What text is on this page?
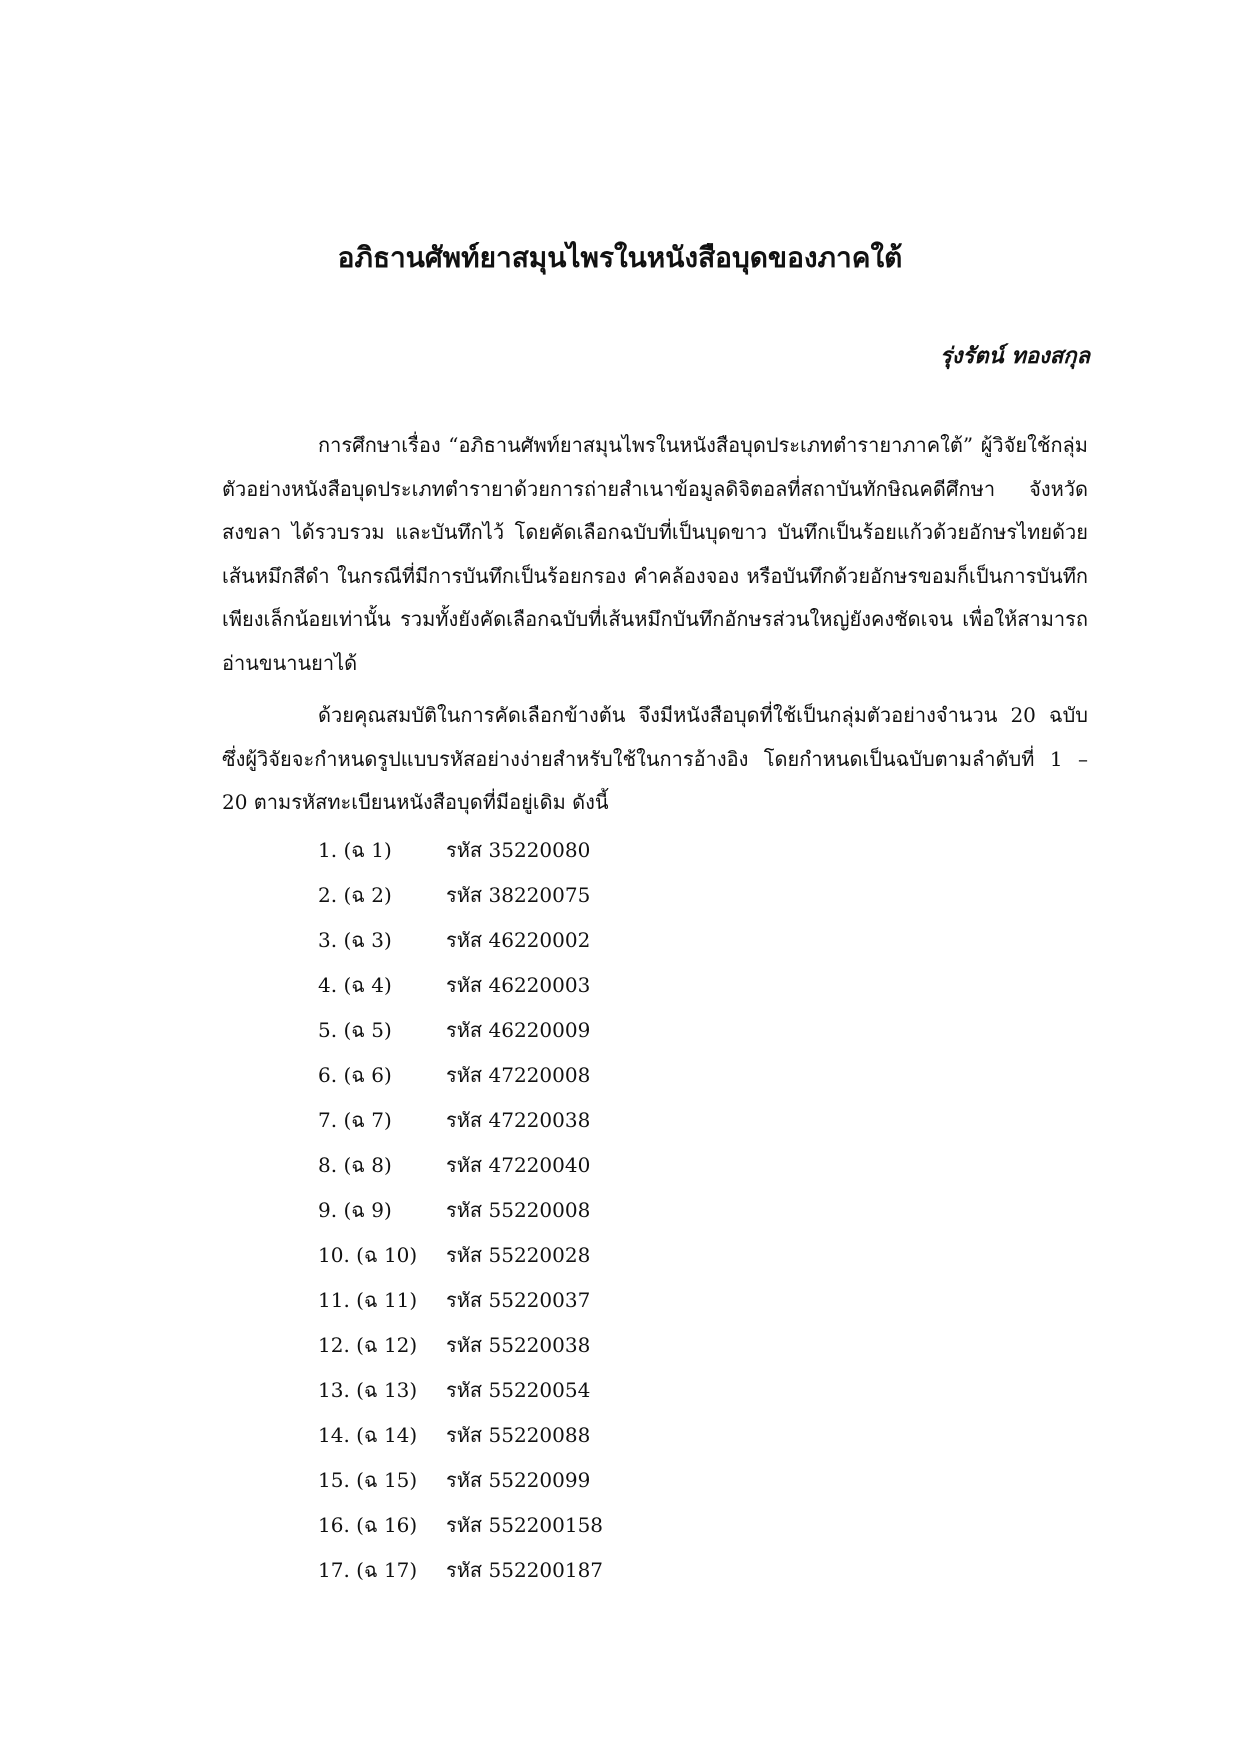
อภิธานศัพท์ยาสมุนไพรในหนังสือบุดของภาคใต้
รุ่งรัตน์ ทองสกุล

การศึกษาเรื่อง “อภิธานศัพท์ยาสมุนไพรในหนังสือบุดประเภทตำรายาภาคใต้” ผู้วิจัยใช้กลุ่มตัวอย่างหนังสือบุดประเภทตำรายาด้วยการถ่ายสำเนาข้อมูลดิจิตอลที่สถาบันทักษิณคดีศึกษา จังหวัดสงขลา ได้รวบรวม และบันทึกไว้ โดยคัดเลือกฉบับที่เป็นบุดขาว บันทึกเป็นร้อยแก้วด้วยอักษรไทยด้วยเส้นหมึกสีดำ ในกรณีที่มีการบันทึกเป็นร้อยกรอง คำคล้องจอง หรือบันทึกด้วยอักษรขอมก็เป็นการบันทึกเพียงเล็กน้อยเท่านั้น รวมทั้งยังคัดเลือกฉบับที่เส้นหมึกบันทึกอักษรส่วนใหญ่ยังคงชัดเจน เพื่อให้สามารถอ่านขนานยาได้

ด้วยคุณสมบัติในการคัดเลือกข้างต้น จึงมีหนังสือบุดที่ใช้เป็นกลุ่มตัวอย่างจำนวน 20 ฉบับ ซึ่งผู้วิจัยจะกำหนดรูปแบบรหัสอย่างง่ายสำหรับใช้ในการอ้างอิง โดยกำหนดเป็นฉบับตามลำดับที่ 1 – 20 ตามรหัสทะเบียนหนังสือบุดที่มีอยู่เดิม ดังนี้

1. (ฉ 1)	รหัส 35220080
2. (ฉ 2)	รหัส 38220075
3. (ฉ 3)	รหัส 46220002
4. (ฉ 4)	รหัส 46220003
5. (ฉ 5)	รหัส 46220009
6. (ฉ 6)	รหัส 47220008
7. (ฉ 7)	รหัส 47220038
8. (ฉ 8)	รหัส 47220040
9. (ฉ 9)	รหัส 55220008
10. (ฉ 10) รหัส 55220028
11. (ฉ 11) รหัส 55220037
12. (ฉ 12) รหัส 55220038
13. (ฉ 13) รหัส 55220054
14. (ฉ 14) รหัส 55220088
15. (ฉ 15) รหัส 55220099
16. (ฉ 16) รหัส 552200158
17. (ฉ 17) รหัส 552200187
